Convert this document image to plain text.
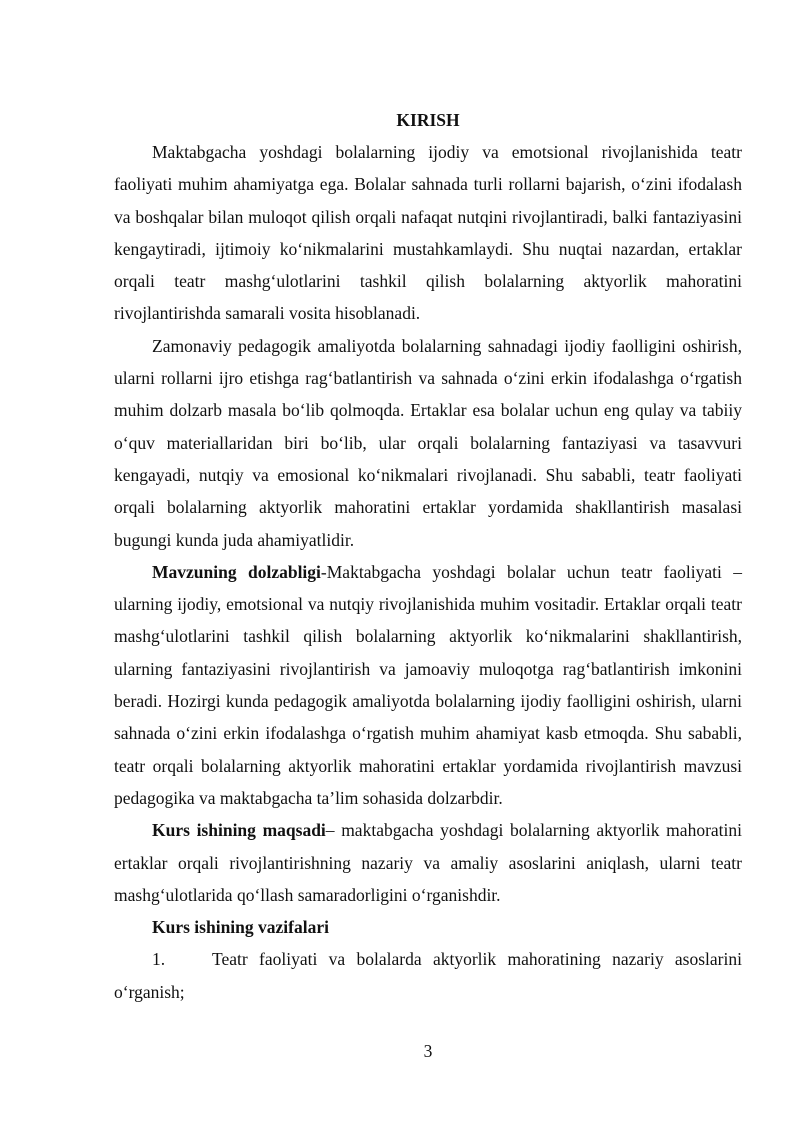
KIRISH

Maktabgacha yoshdagi bolalarning ijodiy va emotsional rivojlanishida teatr faoliyati muhim ahamiyatga ega. Bolalar sahnada turli rollarni bajarish, o‘zini ifodalash va boshqalar bilan muloqot qilish orqali nafaqat nutqini rivojlantiradi, balki fantaziyasini kengaytiradi, ijtimoiy ko‘nikmalarini mustahkamlaydi. Shu nuqtai nazardan, ertaklar orqali teatr mashg‘ulotlarini tashkil qilish bolalarning aktyorlik mahoratini rivojlantirishda samarali vosita hisoblanadi.

Zamonaviy pedagogik amaliyotda bolalarning sahnadagi ijodiy faolligini oshirish, ularni rollarni ijro etishga rag‘batlantirish va sahnada o‘zini erkin ifodalashga o‘rgatish muhim dolzarb masala bo‘lib qolmoqda. Ertaklar esa bolalar uchun eng qulay va tabiiy o‘quv materiallaridan biri bo‘lib, ular orqali bolalarning fantaziyasi va tasavvuri kengayadi, nutqiy va emosional ko‘nikmalari rivojlanadi. Shu sababli, teatr faoliyati orqali bolalarning aktyorlik mahoratini ertaklar yordamida shakllantirish masalasi bugungi kunda juda ahamiyatlidir.

Mavzuning dolzabligi-Maktabgacha yoshdagi bolalar uchun teatr faoliyati – ularning ijodiy, emotsional va nutqiy rivojlanishida muhim vositadir. Ertaklar orqali teatr mashg‘ulotlarini tashkil qilish bolalarning aktyorlik ko‘nikmalarini shakllantirish, ularning fantaziyasini rivojlantirish va jamoaviy muloqotga rag‘batlantirish imkonini beradi. Hozirgi kunda pedagogik amaliyotda bolalarning ijodiy faolligini oshirish, ularni sahnada o‘zini erkin ifodalashga o‘rgatish muhim ahamiyat kasb etmoqda. Shu sababli, teatr orqali bolalarning aktyorlik mahoratini ertaklar yordamida rivojlantirish mavzusi pedagogika va maktabgacha ta’lim sohasida dolzarbdir.

Kurs ishining maqsadi– maktabgacha yoshdagi bolalarning aktyorlik mahoratini ertaklar orqali rivojlantirishning nazariy va amaliy asoslarini aniqlash, ularni teatr mashg‘ulotlarida qo‘llash samaradorligini o‘rganishdir.

Kurs ishining vazifalari

1.	Teatr faoliyati va bolalarda aktyorlik mahoratining nazariy asoslarini o‘rganish;

3
